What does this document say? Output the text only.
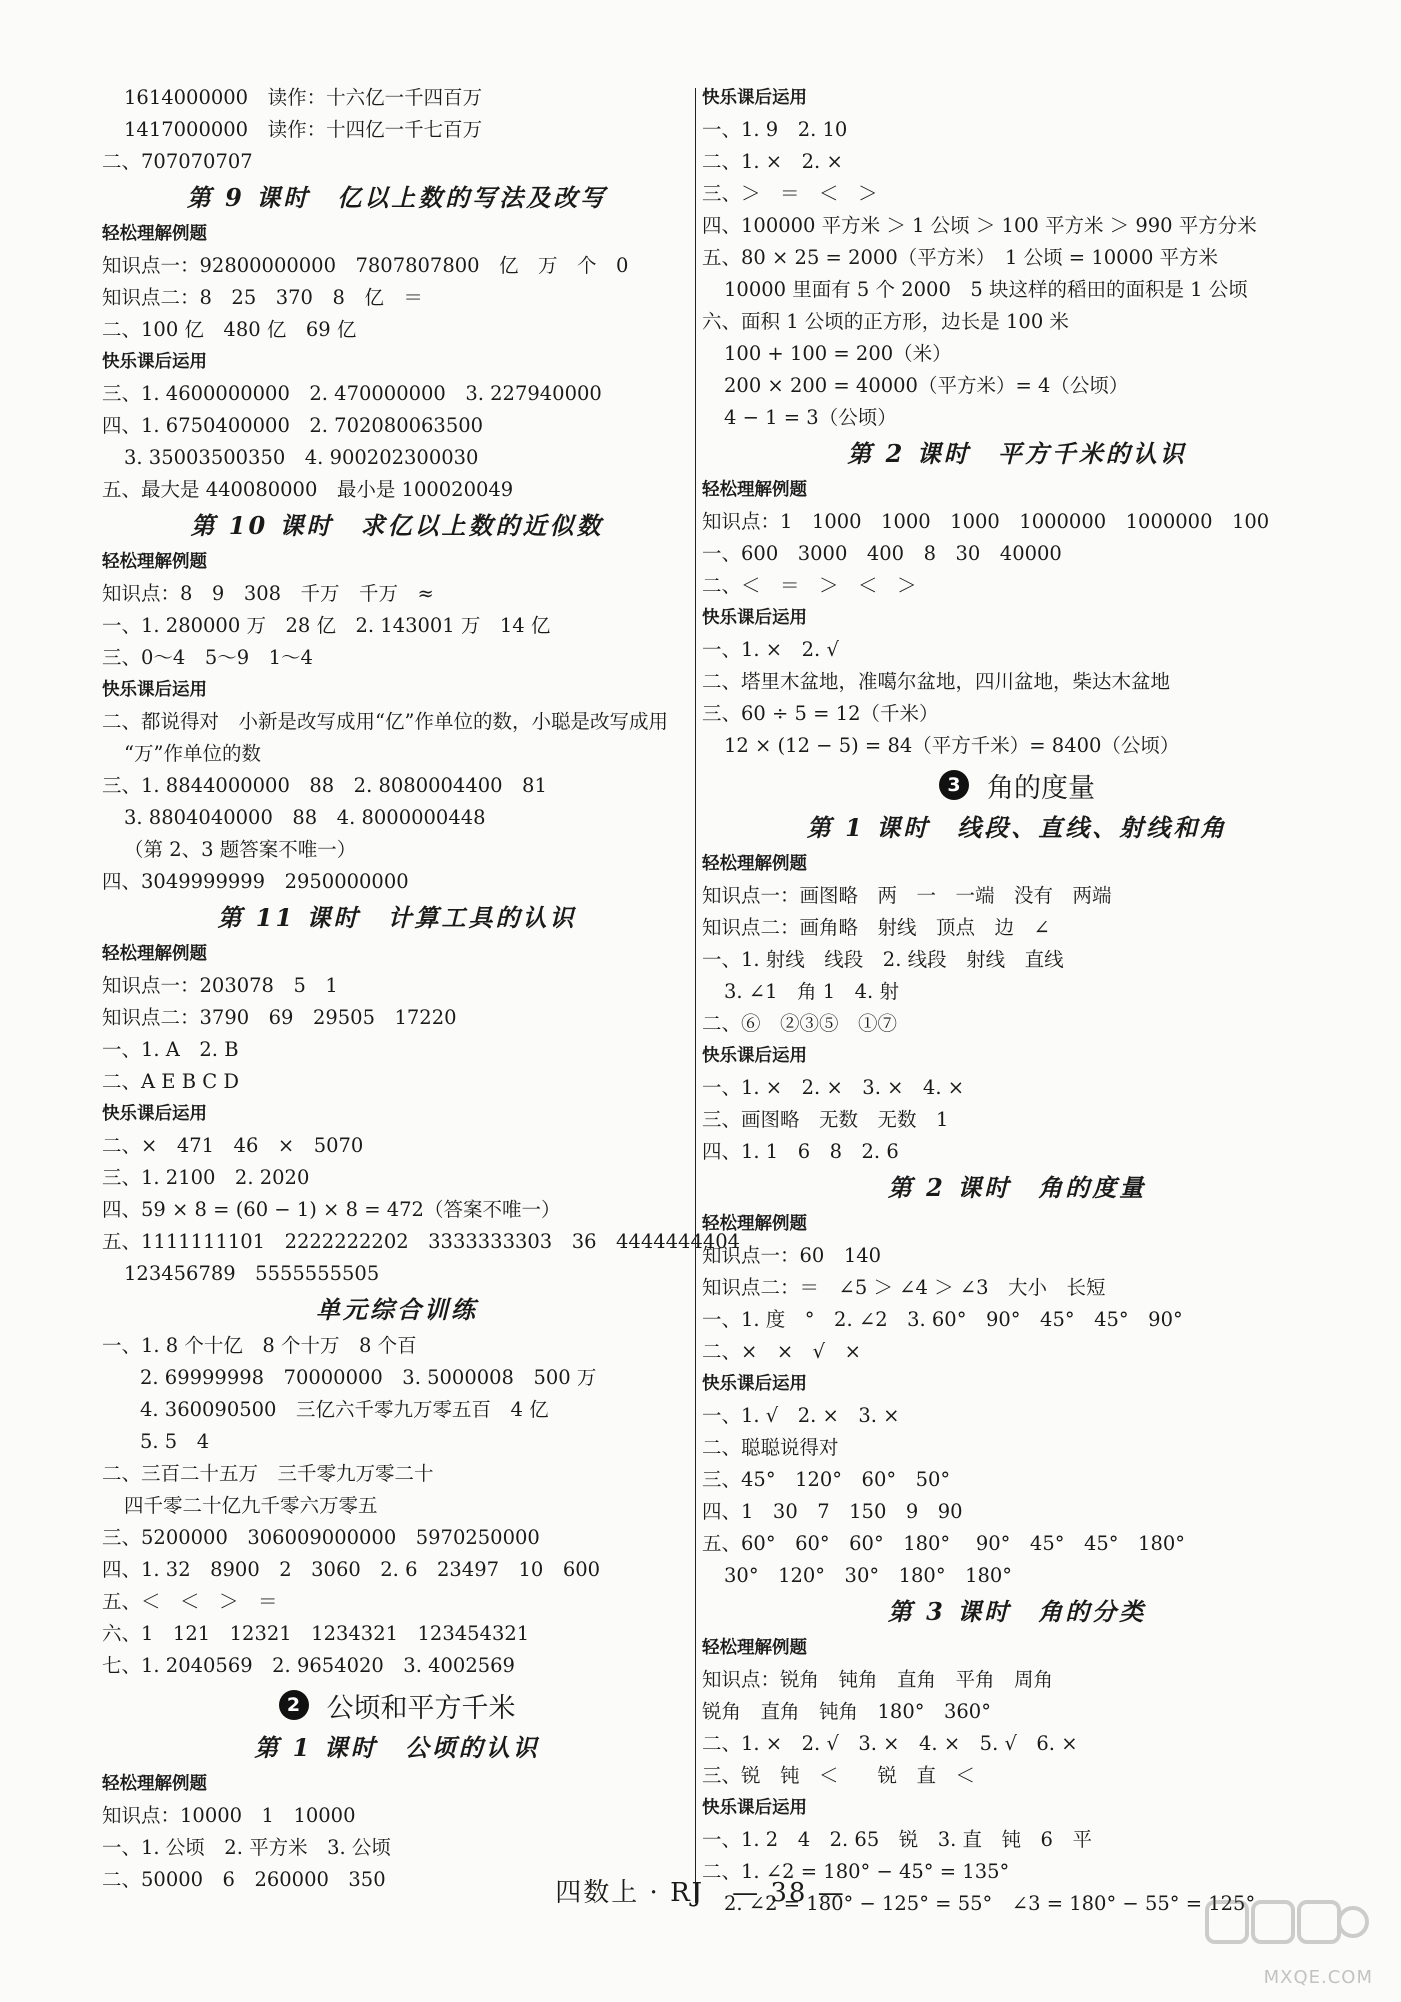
1614000000　读作：十六亿一千四百万
1417000000　读作：十四亿一千七百万
二、707070707
第 9 课时　亿以上数的写法及改写
轻松理解例题
知识点一：92800000000　7807807800　亿　万　个　0
知识点二：8　25　370　8　亿　＝
二、100 亿　480 亿　69 亿
快乐课后运用
三、1. 4600000000　2. 470000000　3. 227940000
四、1. 6750400000　2. 702080063500
3. 35003500350　4. 900202300030
五、最大是 440080000　最小是 100020049
第 10 课时　求亿以上数的近似数
轻松理解例题
知识点：8　9　308　千万　千万　≈
一、1. 280000 万　28 亿　2. 143001 万　14 亿
三、0～4　5～9　1～4
快乐课后运用
二、都说得对　小新是改写成用“亿”作单位的数，小聪是改写成用
“万”作单位的数
三、1. 8844000000　88　2. 8080004400　81
3. 8804040000　88　4. 8000000448
（第 2、3 题答案不唯一）
四、3049999999　2950000000
第 11 课时　计算工具的认识
轻松理解例题
知识点一：203078　5　1
知识点二：3790　69　29505　17220
一、1. A　2. B
二、A E B C D
快乐课后运用
二、×　471　46　×　5070
三、1. 2100　2. 2020
四、59 × 8 = (60 − 1) × 8 = 472（答案不唯一）
五、1111111101　2222222202　3333333303　36　4444444404
123456789　5555555505
单元综合训练
一、1. 8 个十亿　8 个十万　8 个百
2. 69999998　70000000　3. 5000008　500 万
4. 360090500　三亿六千零九万零五百　4 亿
5. 5　4
二、三百二十五万　三千零九万零二十
四千零二十亿九千零六万零五
三、5200000　306009000000　5970250000
四、1. 32　8900　2　3060　2. 6　23497　10　600
五、＜　＜　＞　＝
六、1　121　12321　1234321　123454321
七、1. 2040569　2. 9654020　3. 4002569
2 公顷和平方千米
第 1 课时　公顷的认识
轻松理解例题
知识点：10000　1　10000
一、1. 公顷　2. 平方米　3. 公顷
二、50000　6　260000　350
快乐课后运用
一、1. 9　2. 10
二、1. ×　2. ×
三、＞　＝　＜　＞
四、100000 平方米 ＞ 1 公顷 ＞ 100 平方米 ＞ 990 平方分米
五、80 × 25 = 2000（平方米）　1 公顷 = 10000 平方米
10000 里面有 5 个 2000　5 块这样的稻田的面积是 1 公顷
六、面积 1 公顷的正方形，边长是 100 米
100 + 100 = 200（米）
200 × 200 = 40000（平方米）= 4（公顷）
4 − 1 = 3（公顷）
第 2 课时　平方千米的认识
轻松理解例题
知识点：1　1000　1000　1000　1000000　1000000　100
一、600　3000　400　8　30　40000
二、＜　＝　＞　＜　＞
快乐课后运用
一、1. ×　2. √
二、塔里木盆地，准噶尔盆地，四川盆地，柴达木盆地
三、60 ÷ 5 = 12（千米）
12 × (12 − 5) = 84（平方千米）= 8400（公顷）
3 角的度量
第 1 课时　线段、直线、射线和角
轻松理解例题
知识点一：画图略　两　一　一端　没有　两端
知识点二：画角略　射线　顶点　边　∠
一、1. 射线　线段　2. 线段　射线　直线
3. ∠1　角 1　4. 射
二、⑥　②③⑤　①⑦
快乐课后运用
一、1. ×　2. ×　3. ×　4. ×
三、画图略　无数　无数　1
四、1. 1　6　8　2. 6
第 2 课时　角的度量
轻松理解例题
知识点一：60　140
知识点二：＝　∠5 ＞ ∠4 ＞ ∠3　大小　长短
一、1. 度　°　2. ∠2　3. 60°　90°　45°　45°　90°
二、×　×　√　×
快乐课后运用
一、1. √　2. ×　3. ×
二、聪聪说得对
三、45°　120°　60°　50°
四、1　30　7　150　9　90
五、60°　60°　60°　180°　 90°　45°　45°　180°
30°　120°　30°　180°　180°
第 3 课时　角的分类
轻松理解例题
知识点：锐角　钝角　直角　平角　周角
锐角　直角　钝角　180°　360°
二、1. ×　2. √　3. ×　4. ×　5. √　6. ×
三、锐　钝　＜　　锐　直　＜
快乐课后运用
一、1. 2　4　2. 65　锐　3. 直　钝　6　平
二、1. ∠2 = 180° − 45° = 135°
2. ∠2 = 180° − 125° = 55°　∠3 = 180° − 55° = 125°
四数上 · RJ　— 38 —
MXQE.COM
